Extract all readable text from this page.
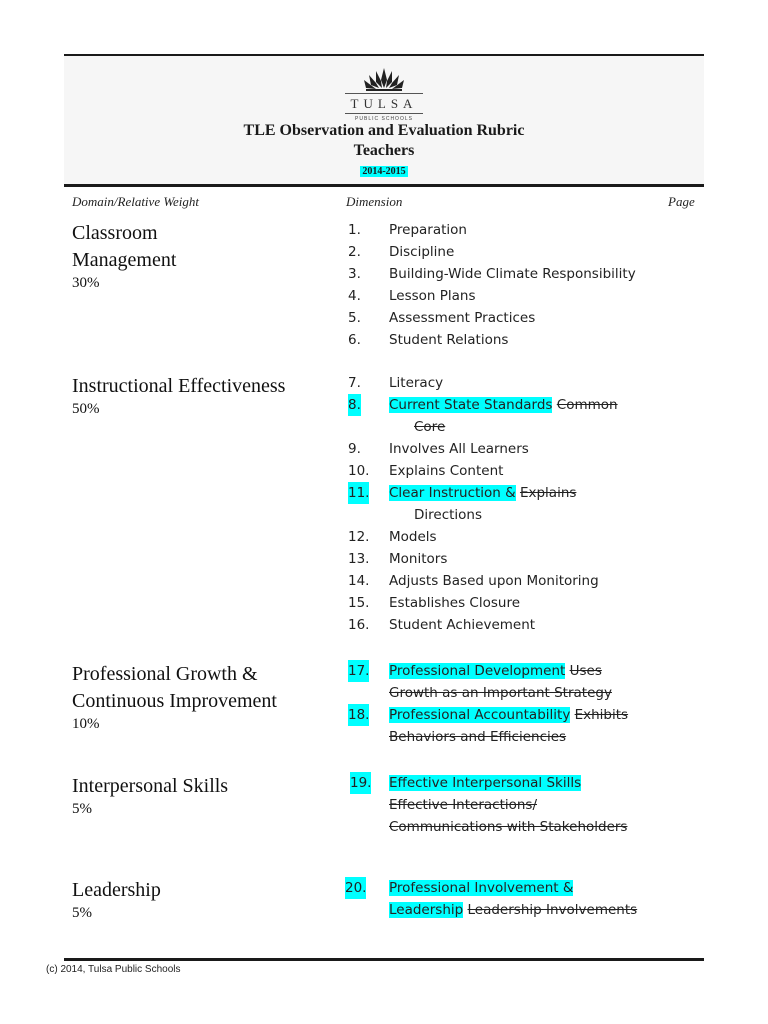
TULSA
PUBLIC SCHOOLS
TLE Observation and Evaluation Rubric
Teachers
2014-2015
Domain/Relative Weight	Dimension	Page
Classroom
Management
30%
Instructional Effectiveness
50%
Professional Growth &
Continuous Improvement
10%
Interpersonal Skills
5%
Leadership
5%
1. Preparation
2. Discipline
3. Building-Wide Climate Responsibility
4. Lesson Plans
5. Assessment Practices
6. Student Relations
7. Literacy
8. Current State Standards Common
Core
9. Involves All Learners
10. Explains Content
11. Clear Instruction & Explains
Directions
12. Models
13. Monitors
14. Adjusts Based upon Monitoring
15. Establishes Closure
16. Student Achievement
17. Professional Development Uses
Growth as an Important Strategy
18. Professional Accountability Exhibits
Behaviors and Efficiencies
19. Effective Interpersonal Skills
Effective Interactions/
Communications with Stakeholders
20. Professional Involvement &
Leadership Leadership Involvements
(c) 2014, Tulsa Public Schools
